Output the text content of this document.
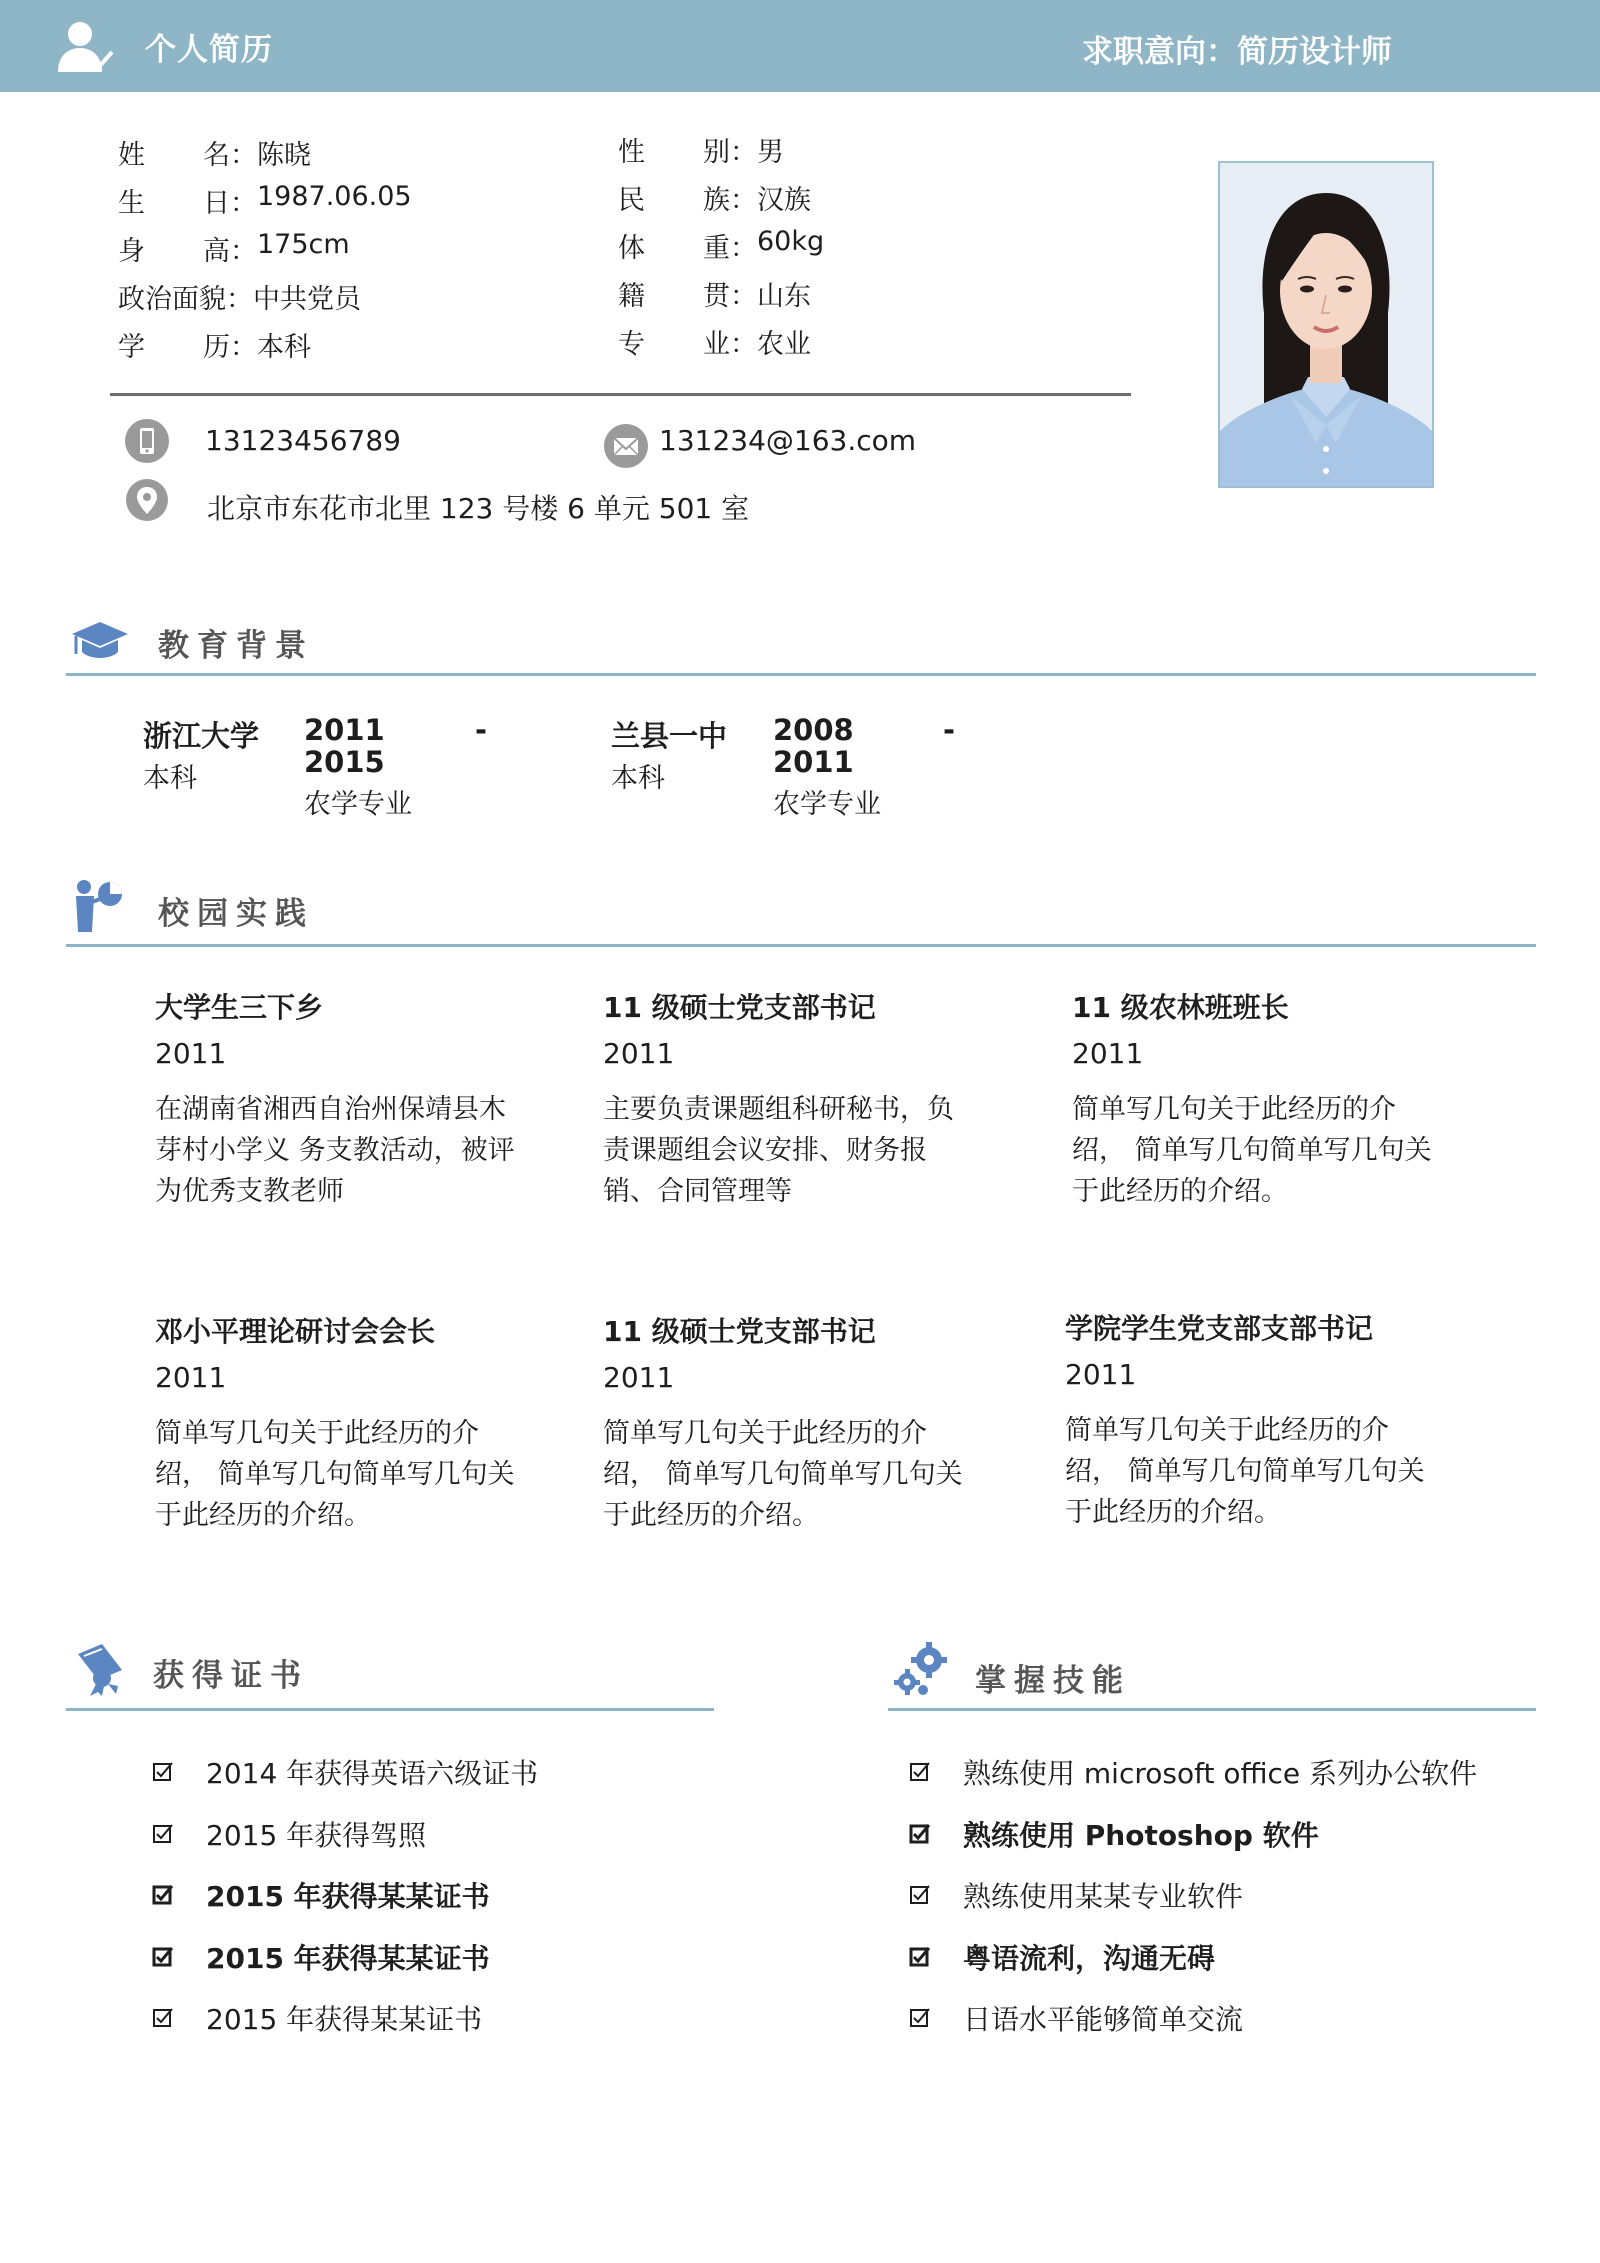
个人简历	求职意向：简历设计师
姓名 ： 陈晓
生日 ： 1987.06.05
身高 ： 175cm
政治面貌 ： 中共党员
学历 ： 本科
性别 ： 男
民族 ： 汉族
体重 ： 60kg
籍贯 ： 山东
专业 ： 农业
13123456789	131234@163.com
北京市东花市北里 123 号楼 6 单元 501 室
教育背景
浙江大学
本科
2011	-
2015
农学专业
兰县一中
本科
2008	-
2011
农学专业
校园实践
大学生三下乡
2011
在湖南省湘西自治州保靖县木芽村小学义 务支教活动，被评为优秀支教老师
11 级硕士党支部书记
2011
主要负责课题组科研秘书，负责课题组会议安排、财务报销、合同管理等
11 级农林班班长
2011
简单写几句关于此经历的介绍， 简单写几句简单写几句关于此经历的介绍。
邓小平理论研讨会会长
2011
简单写几句关于此经历的介绍， 简单写几句简单写几句关于此经历的介绍。
11 级硕士党支部书记
2011
简单写几句关于此经历的介绍， 简单写几句简单写几句关于此经历的介绍。
学院学生党支部支部书记
2011
简单写几句关于此经历的介绍， 简单写几句简单写几句关于此经历的介绍。
获得证书
2014 年获得英语六级证书
2015 年获得驾照
2015 年获得某某证书
2015 年获得某某证书
2015 年获得某某证书
掌握技能
熟练使用 microsoft office 系列办公软件
熟练使用 Photoshop 软件
熟练使用某某专业软件
粤语流利，沟通无碍
日语水平能够简单交流
